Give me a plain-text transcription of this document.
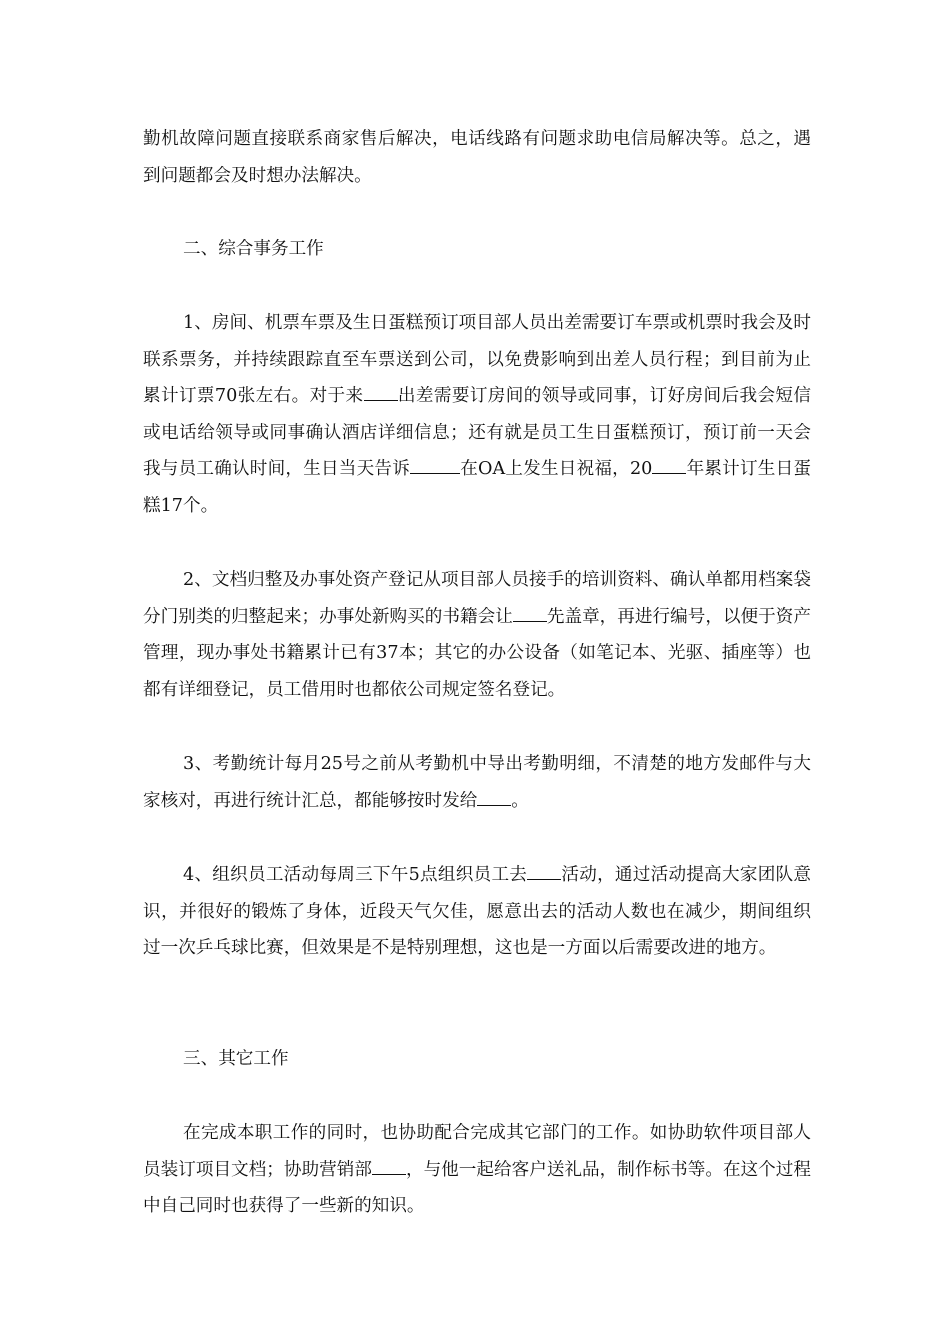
勤机故障问题直接联系商家售后解决，电话线路有问题求助电信局解决等。总之，遇到问题都会及时想办法解决。

二、综合事务工作

1、房间、机票车票及生日蛋糕预订项目部人员出差需要订车票或机票时我会及时联系票务，并持续跟踪直至车票送到公司，以免费影响到出差人员行程；到目前为止累计订票70张左右。对于来 出差需要订房间的领导或同事，订好房间后我会短信或电话给领导或同事确认酒店详细信息；还有就是员工生日蛋糕预订，预订前一天会我与员工确认时间，生日当天告诉	在OA上发生日祝福，20 年累计订生日蛋糕17个。

2、文档归整及办事处资产登记从项目部人员接手的培训资料、确认单都用档案袋分门别类的归整起来；办事处新购买的书籍会让 先盖章，再进行编号，以便于资产管理，现办事处书籍累计已有37本；其它的办公设备（如笔记本、光驱、插座等）也都有详细登记，员工借用时也都依公司规定签名登记。

3、考勤统计每月25号之前从考勤机中导出考勤明细，不清楚的地方发邮件与大家核对，再进行统计汇总，都能够按时发给 。

4、组织员工活动每周三下午5点组织员工去 活动，通过活动提高大家团队意识，并很好的锻炼了身体，近段天气欠佳，愿意出去的活动人数也在减少，期间组织过一次乒乓球比赛，但效果是不是特别理想，这也是一方面以后需要改进的地方。

三、其它工作

在完成本职工作的同时，也协助配合完成其它部门的工作。如协助软件项目部人员装订项目文档；协助营销部 ，与他一起给客户送礼品，制作标书等。在这个过程中自己同时也获得了一些新的知识。
